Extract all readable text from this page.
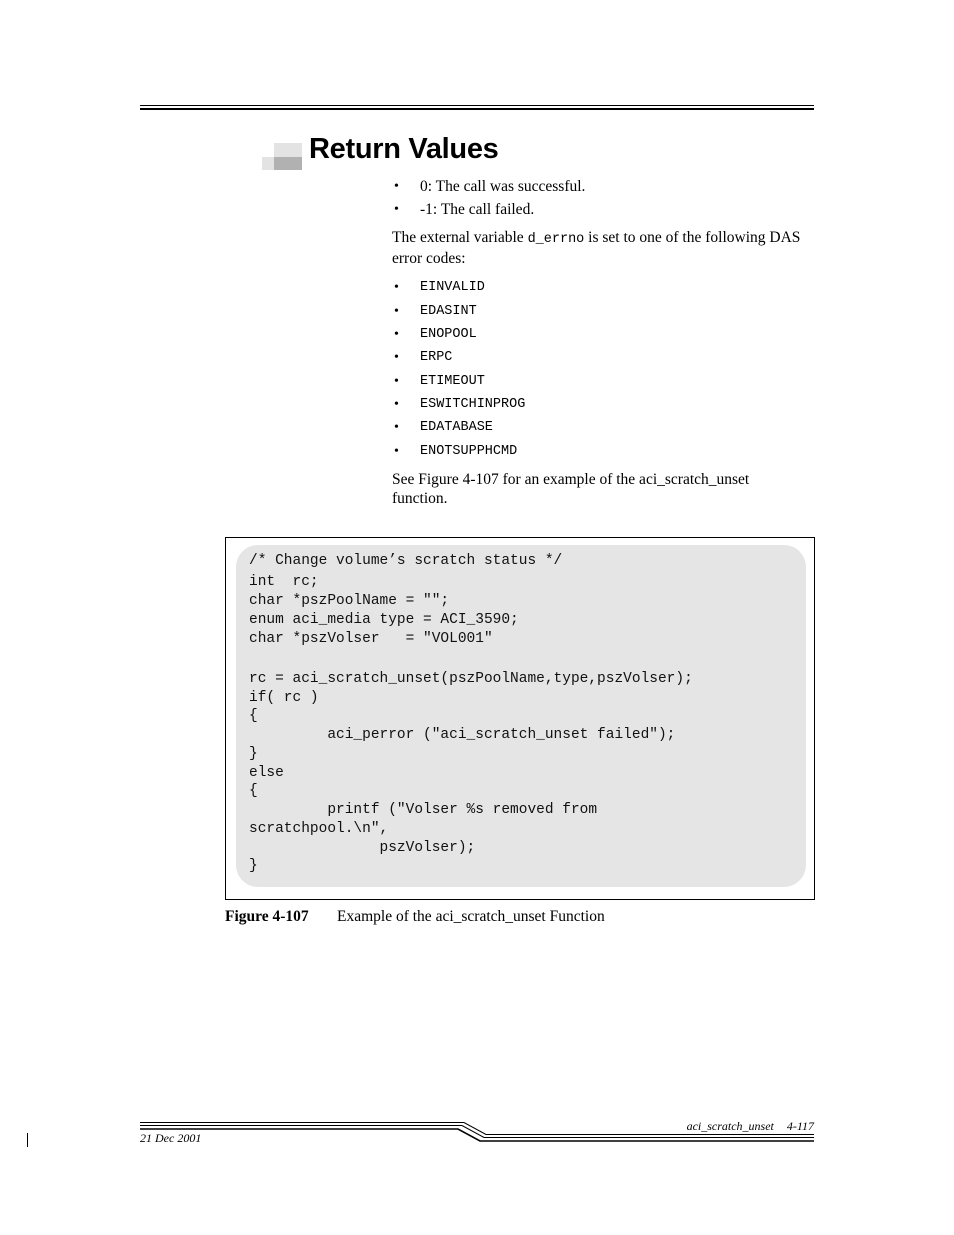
Return Values
•	0: The call was successful.
•	-1: The call failed.
The external variable d_errno is set to one of the following DAS error codes:
•	EINVALID
•	EDASINT
•	ENOPOOL
•	ERPC
•	ETIMEOUT
•	ESWITCHINPROG
•	EDATABASE
•	ENOTSUPPHCMD
See Figure 4-107 for an example of the aci_scratch_unset function.
/* Change volume’s scratch status */
int  rc;
char *pszPoolName = "";
enum aci_media type = ACI_3590;
char *pszVolser   = "VOL001"
rc = aci_scratch_unset(pszPoolName,type,pszVolser);
if( rc )
{
aci_perror ("aci_scratch_unset failed");
}
else
{
printf ("Volser %s removed from
scratchpool.\n",
pszVolser);
}
Figure 4-107 Example of the aci_scratch_unset Function
aci_scratch_unset 4-117
21 Dec 2001
